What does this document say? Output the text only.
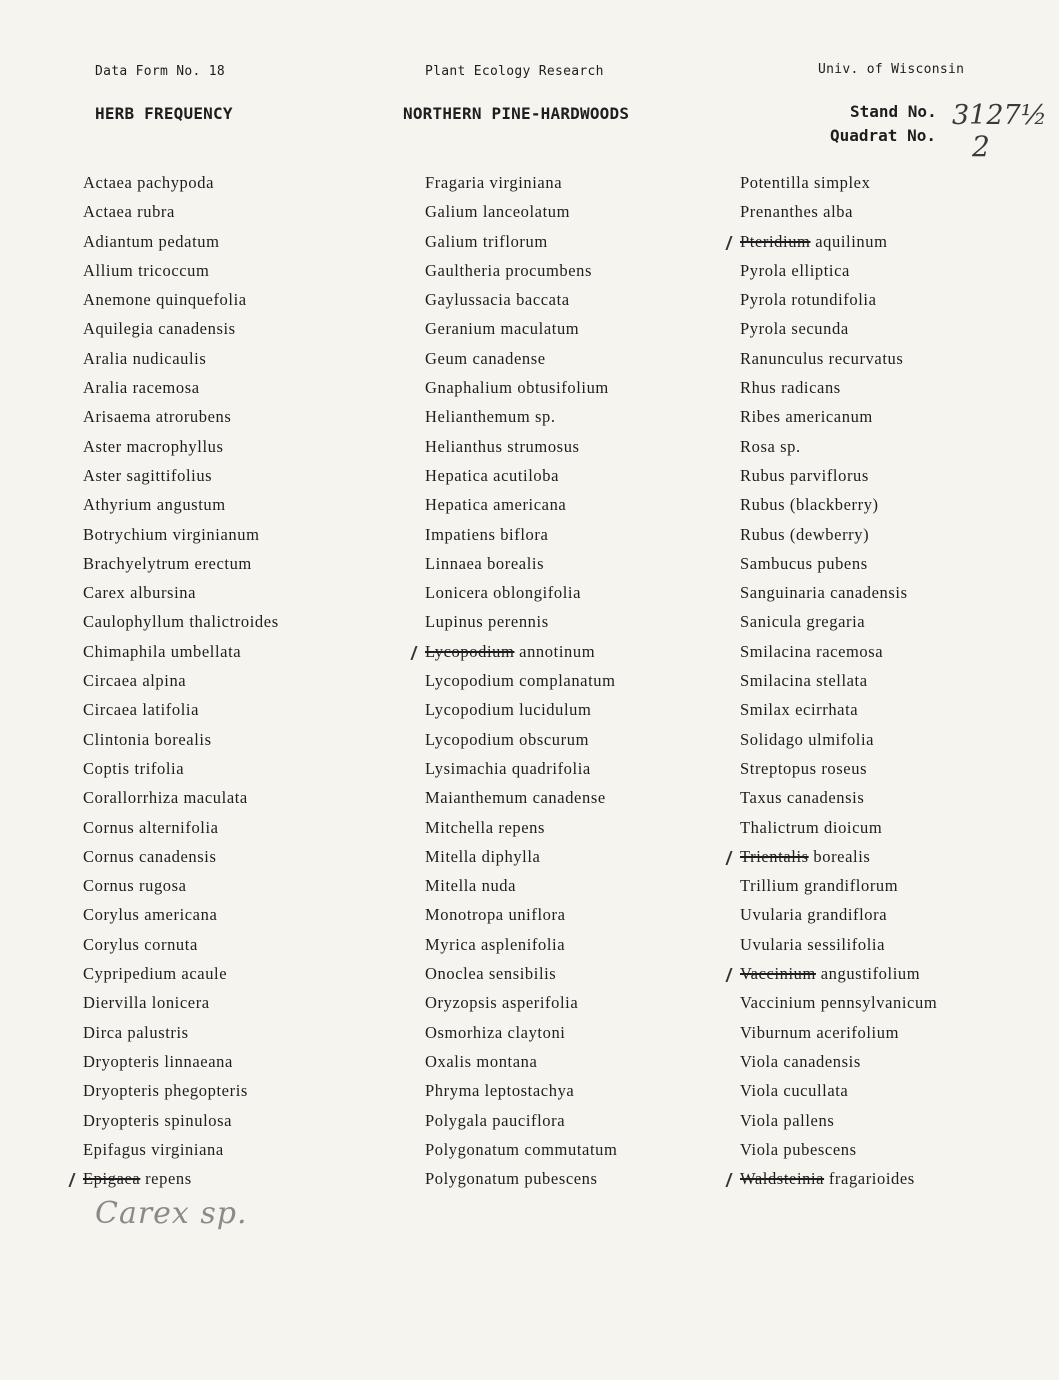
Data Form No. 18	Plant Ecology Research	Univ. of Wisconsin
HERB FREQUENCY	NORTHERN PINE-HARDWOODS	Stand No.
Quadrat No.
3127½
2
Actaea pachypoda
Actaea rubra
Adiantum pedatum
Allium tricoccum
Anemone quinquefolia
Aquilegia canadensis
Aralia nudicaulis
Aralia racemosa
Arisaema atrorubens
Aster macrophyllus
Aster sagittifolius
Athyrium angustum
Botrychium virginianum
Brachyelytrum erectum
Carex albursina
Caulophyllum thalictroides
Chimaphila umbellata
Circaea alpina
Circaea latifolia
Clintonia borealis
Coptis trifolia
Corallorrhiza maculata
Cornus alternifolia
Cornus canadensis
Cornus rugosa
Corylus americana
Corylus cornuta
Cypripedium acaule
Diervilla lonicera
Dirca palustris
Dryopteris linnaeana
Dryopteris phegopteris
Dryopteris spinulosa
Epifagus virginiana
Epigaea repens
Fragaria virginiana
Galium lanceolatum
Galium triflorum
Gaultheria procumbens
Gaylussacia baccata
Geranium maculatum
Geum canadense
Gnaphalium obtusifolium
Helianthemum sp.
Helianthus strumosus
Hepatica acutiloba
Hepatica americana
Impatiens biflora
Linnaea borealis
Lonicera oblongifolia
Lupinus perennis
Lycopodium annotinum
Lycopodium complanatum
Lycopodium lucidulum
Lycopodium obscurum
Lysimachia quadrifolia
Maianthemum canadense
Mitchella repens
Mitella diphylla
Mitella nuda
Monotropa uniflora
Myrica asplenifolia
Onoclea sensibilis
Oryzopsis asperifolia
Osmorhiza claytoni
Oxalis montana
Phryma leptostachya
Polygala pauciflora
Polygonatum commutatum
Polygonatum pubescens
Potentilla simplex
Prenanthes alba
Pteridium aquilinum
Pyrola elliptica
Pyrola rotundifolia
Pyrola secunda
Ranunculus recurvatus
Rhus radicans
Ribes americanum
Rosa sp.
Rubus parviflorus
Rubus (blackberry)
Rubus (dewberry)
Sambucus pubens
Sanguinaria canadensis
Sanicula gregaria
Smilacina racemosa
Smilacina stellata
Smilax ecirrhata
Solidago ulmifolia
Streptopus roseus
Taxus canadensis
Thalictrum dioicum
Trientalis borealis
Trillium grandiflorum
Uvularia grandiflora
Uvularia sessilifolia
Vaccinium angustifolium
Vaccinium pennsylvanicum
Viburnum acerifolium
Viola canadensis
Viola cucullata
Viola pallens
Viola pubescens
Waldsteinia fragarioides
Carex sp.
